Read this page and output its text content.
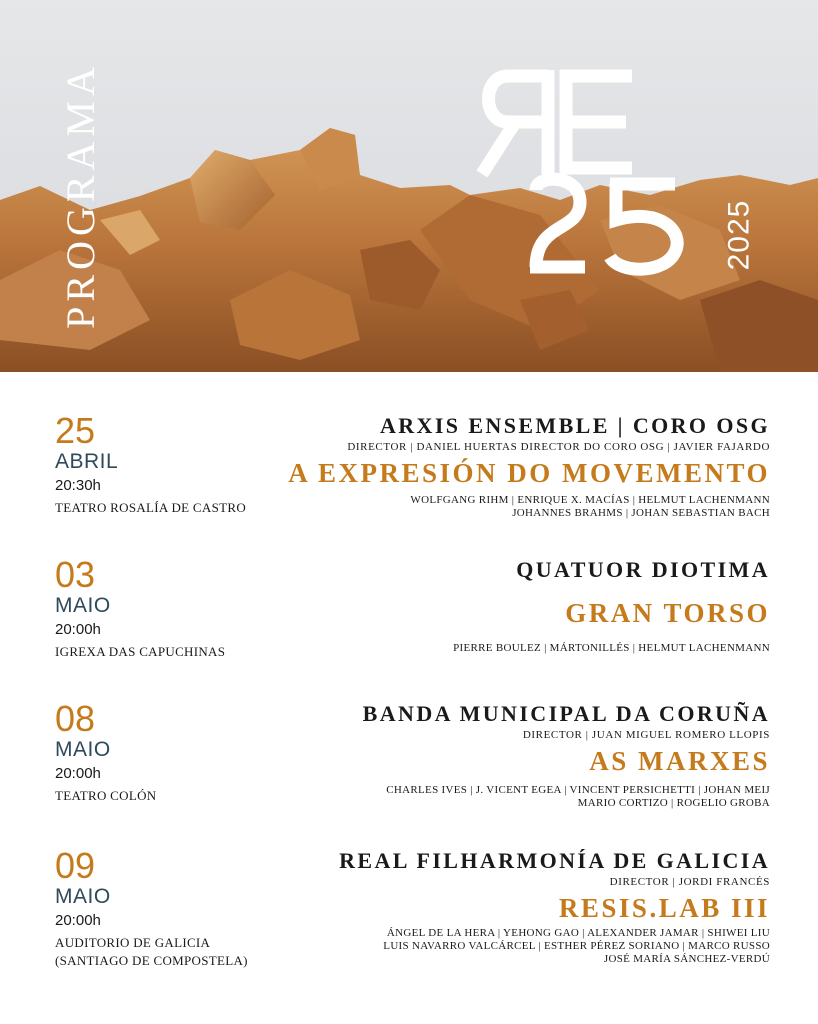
PROGRAMA	2025
25
ABRIL
20:30h
TEATRO ROSALÍA DE CASTRO
ARXIS ENSEMBLE | CORO OSG
DIRECTOR | DANIEL HUERTAS DIRECTOR DO CORO OSG | JAVIER FAJARDO
A EXPRESIÓN DO MOVEMENTO
WOLFGANG RIHM | ENRIQUE X. MACÍAS | HELMUT LACHENMANN
JOHANNES BRAHMS | JOHAN SEBASTIAN BACH
03
MAIO
20:00h
IGREXA DAS CAPUCHINAS
QUATUOR DIOTIMA
GRAN TORSO
PIERRE BOULEZ | MÁRTONILLÉS | HELMUT LACHENMANN
08
MAIO
20:00h
TEATRO COLÓN
BANDA MUNICIPAL DA CORUÑA
DIRECTOR | JUAN MIGUEL ROMERO LLOPIS
AS MARXES
CHARLES IVES | J. VICENT EGEA | VINCENT PERSICHETTI | JOHAN MEIJ
MARIO CORTIZO | ROGELIO GROBA
09
MAIO
20:00h
AUDITORIO DE GALICIA
(SANTIAGO DE COMPOSTELA)
REAL FILHARMONÍA DE GALICIA
DIRECTOR | JORDI FRANCÉS
RESIS.LAB III
ÁNGEL DE LA HERA | YEHONG GAO | ALEXANDER JAMAR | SHIWEI LIU
LUIS NAVARRO VALCÁRCEL | ESTHER PÉREZ SORIANO | MARCO RUSSO
JOSÉ MARÍA SÁNCHEZ-VERDÚ
